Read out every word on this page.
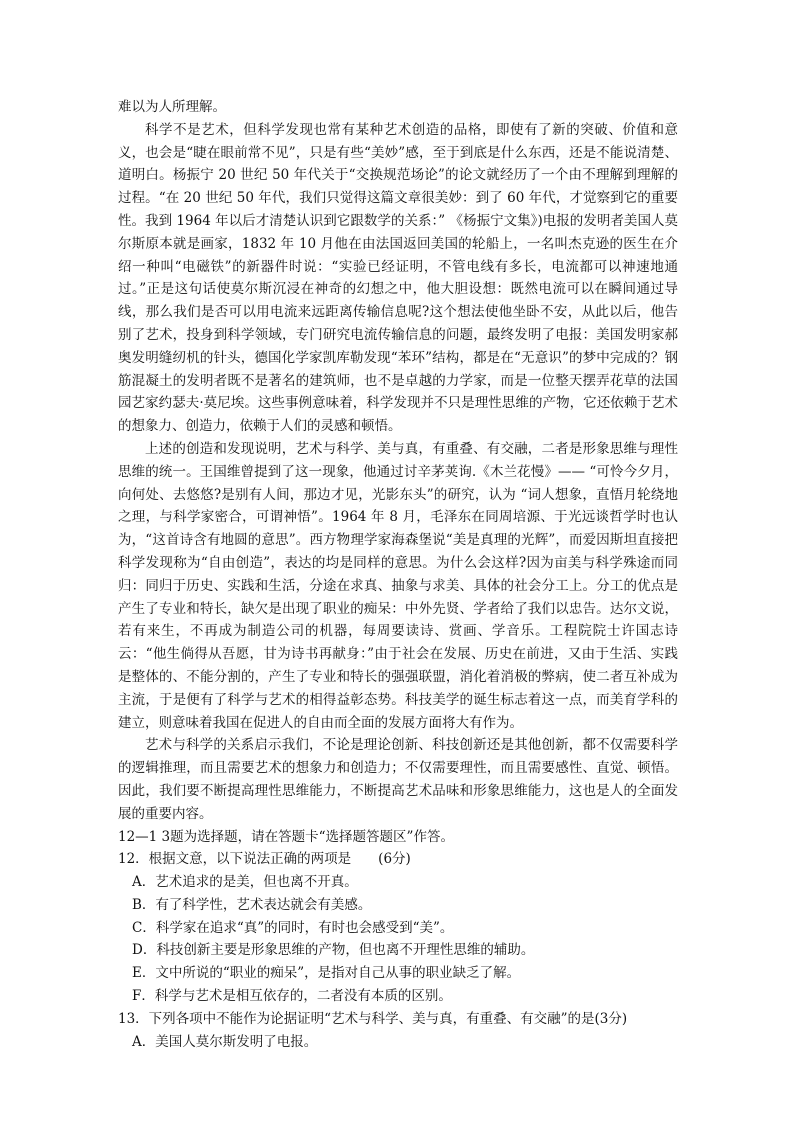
难以为人所理解。

科学不是艺术，但科学发现也常有某种艺术创造的品格，即使有了新的突破、价值和意义，也会是“睫在眼前常不见”，只是有些“美妙”感，至于到底是什么东西，还是不能说清楚、道明白。杨振宁 20 世纪 50 年代关于“交换规范场论”的论文就经历了一个由不理解到理解的过程。“在 20 世纪 50 年代，我们只觉得这篇文章很美妙：到了 60 年代，才觉察到它的重要性。我到 1964 年以后才清楚认识到它跟数学的关系：” 《杨振宁文集》)电报的发明者美国人莫尔斯原本就是画家，1832 年 10 月他在由法国返回美国的轮船上，一名叫杰克逊的医生在介绍一种叫“电磁铁”的新器件时说：“实验已经证明，不管电线有多长，电流都可以神速地通过。”正是这句话使莫尔斯沉浸在神奇的幻想之中，他大胆设想：既然电流可以在瞬间通过导线，那么我们是否可以用电流来远距离传输信息呢?这个想法使他坐卧不安，从此以后，他告别了艺术，投身到科学领域，专门研究电流传输信息的问题，最终发明了电报：美国发明家郝奥发明缝纫机的针头，德国化学家凯库勒发现“苯环”结构，都是在“无意识”的梦中完成的？钢筋混凝土的发明者既不是著名的建筑师，也不是卓越的力学家，而是一位整天摆弄花草的法国园艺家约瑟夫·莫尼埃。这些事例意味着，科学发现并不只是理性思维的产物，它还依赖于艺术的想象力、创造力，依赖于人们的灵感和顿悟。

上述的创造和发现说明，艺术与科学、美与真，有重叠、有交融，二者是形象思维与理性思维的统一。王国维曾提到了这一现象，他通过讨辛茅荚询.《木兰花慢》—— “可怜今夕月，向何处、去悠悠?是别有人间，那边才见，光影东头”的研究，认为 “词人想象，直悟月轮绕地之理，与科学家密合，可谓神悟”。1964 年 8 月，毛泽东在同周培源、于光远谈哲学时也认为，“这首诗含有地圆的意思”。西方物理学家海森堡说“美是真理的光辉”，而爱因斯坦直接把科学发现称为“自由创造”，表达的均是同样的意思。为什么会这样?因为亩美与科学殊途而同归：同归于历史、实践和生活，分途在求真、抽象与求美、具体的社会分工上。分工的优点是产生了专业和特长，缺欠是出现了职业的痴呆：中外先贤、学者给了我们以忠告。达尔文说，若有来生，不再成为制造公司的机器，每周要读诗、赏画、学音乐。工程院院士许国志诗云：“他生倘得从吾愿，甘为诗书再献身：”由于社会在发展、历史在前进，又由于生活、实践是整体的、不能分割的，产生了专业和特长的强强联盟，消化着消极的弊病，使二者互补成为主流，于是便有了科学与艺术的相得益彰态势。科技美学的诞生标志着这一点，而美育学科的建立，则意味着我国在促进人的自由而全面的发展方面将大有作为。

艺术与科学的关系启示我们，不论是理论创新、科技创新还是其他创新，都不仅需要科学的逻辑推理，而且需要艺术的想象力和创造力；不仅需要理性，而且需要感性、直觉、顿悟。因此，我们要不断提高理性思维能力，不断提高艺术品味和形象思维能力，这也是人的全面发展的重要内容。

12—1 3题为选择题，请在答题卡“选择题答题区”作答。

12．根据文意，以下说法正确的两项是　　(6分)

A．艺术追求的是美，但也离不开真。

B．有了科学性，艺术表达就会有美感。

C．科学家在追求“真”的同时，有时也会感受到“美”。

D．科技创新主要是形象思维的产物，但也离不开理性思维的辅助。

E．文中所说的“职业的痴呆”，是指对自己从事的职业缺乏了解。

F．科学与艺术是相互依存的，二者没有本质的区别。

13．下列各项中不能作为论据证明“艺术与科学、美与真，有重叠、有交融”的是(3分)

A．美国人莫尔斯发明了电报。
